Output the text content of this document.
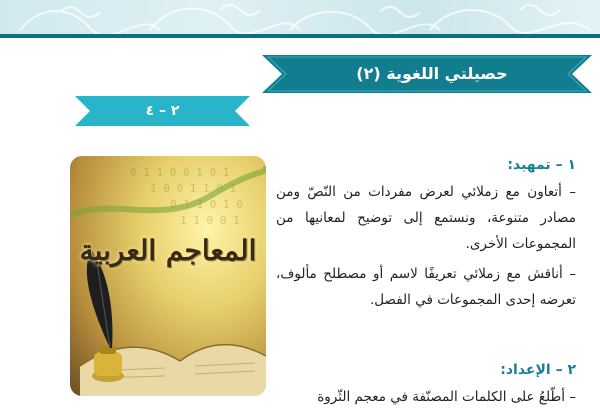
حصيلتي اللغوية (٢)
٢ – ٤
0 1 1 0 0 1 0 1
1 0 0 1 1 0 1
0 1 1 0 1 0
1 1 0 0 1
المعاجم العربية
١ – تمهيد:

– أتعاون مع زملائي لعرض مفردات من النّصّ ومن مصادر متنوعة، ونستمع إلى توضيح لمعانيها من المجموعات الأخرى.

– أناقش مع زملائي تعريفًا لاسم أو مصطلح مألوف، تعرضه إحدى المجموعات في الفصل.

٢ – الإعداد:

– أطّلعُ على الكلمات المصنّفة في معجم الثّروة
